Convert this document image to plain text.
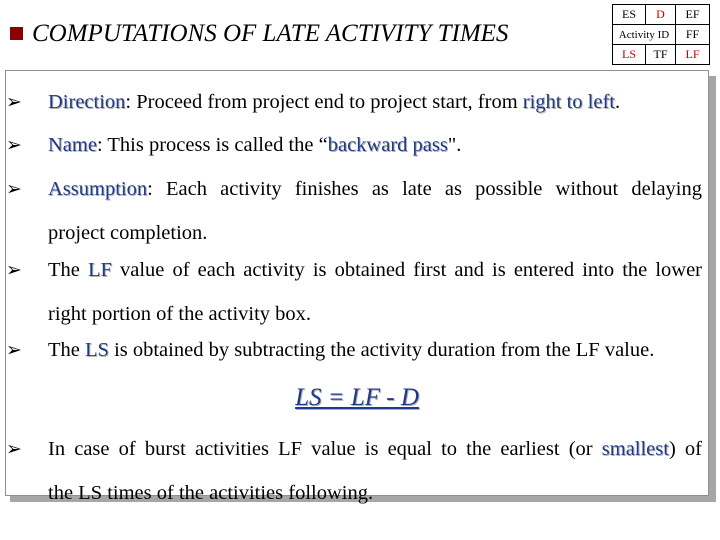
COMPUTATIONS OF LATE ACTIVITY TIMES
ES	D	EF
Activity ID		FF
LS	TF	LF
➢ Direction: Proceed from project end to project start, from right to left.
➢ Name: This process is called the “backward pass".
➢ Assumption: Each activity finishes as late as possible without delaying
project completion.
➢ The LF value of each activity is obtained first and is entered into the lower
right portion of the activity box.
➢ The LS is obtained by subtracting the activity duration from the LF value.
LS = LF - D
➢ In case of burst activities LF value is equal to the earliest (or smallest) of
the LS times of the activities following.
